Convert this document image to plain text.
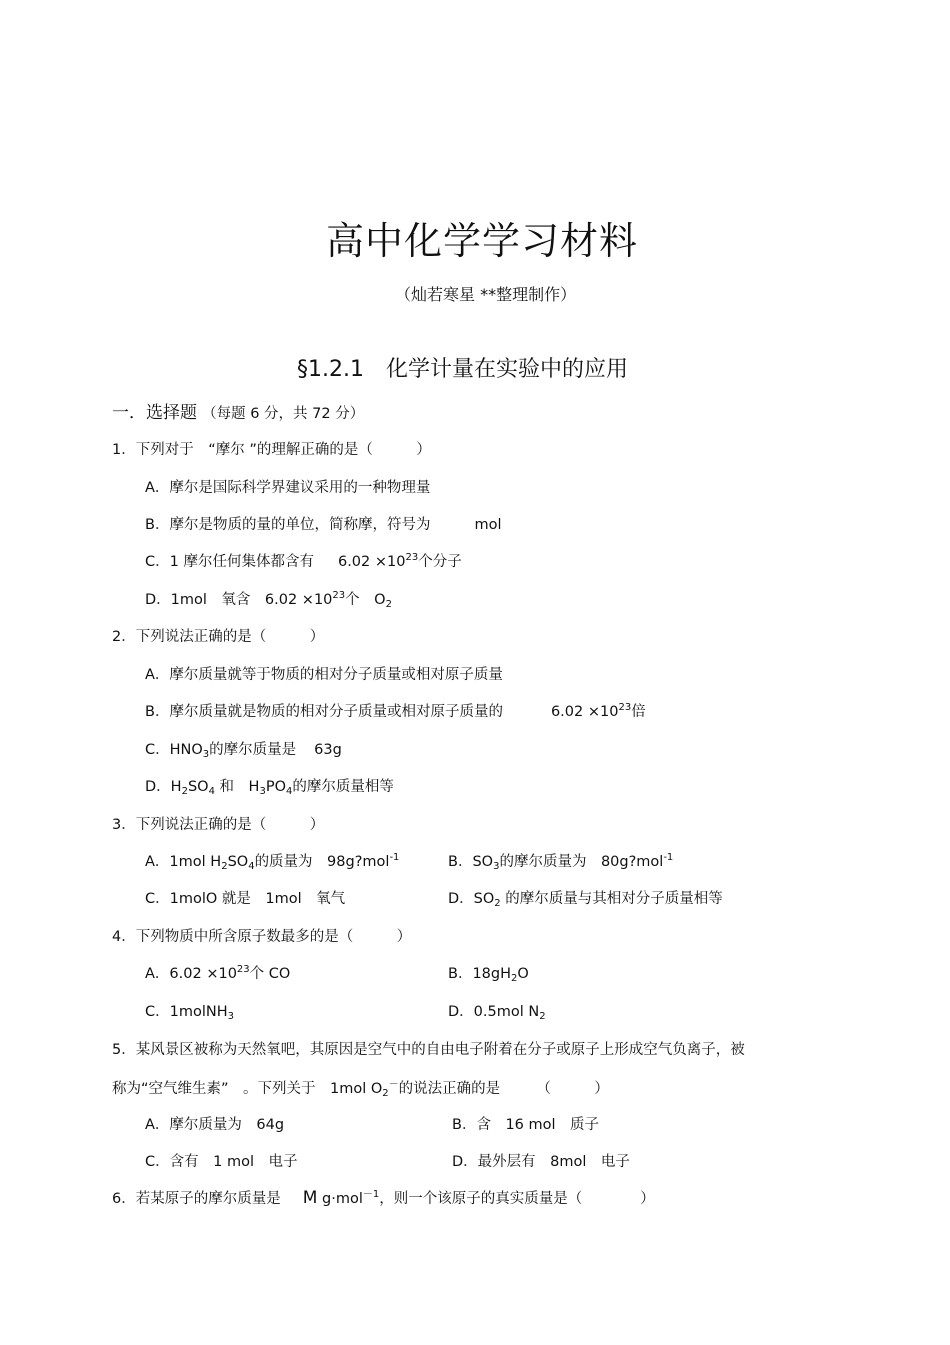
高中化学学习材料
（灿若寒星 **整理制作）
§1.2.1　化学计量在实验中的应用
一．选择题 （每题 6 分，共 72 分）
1．下列对于　“摩尔 ”的理解正确的是（　　　）
A．摩尔是国际科学界建议采用的一种物理量
B．摩尔是物质的量的单位，简称摩，符号为	mol
C．1 摩尔任何集体都含有 $6.02 \times 10^{23}$个分子
D．1mol　氧含　$6.02 \times 10^{23}$个　$O_2$
2．下列说法正确的是（　　　）
A．摩尔质量就等于物质的相对分子质量或相对原子质量
B．摩尔质量就是物质的相对分子质量或相对原子质量的	$6.02 \times 10^{23}$倍
C．$HNO_3$的摩尔质量是 63g
D．$H_2SO_4$ 和　$H_3PO_4$的摩尔质量相等
3．下列说法正确的是（　　　）
A．1mol $H_2SO_4$的质量为　98g?mol$^{-1}$	B．$SO_3$的摩尔质量为　80g?mol$^{-1}$
C．1molO 就是　1mol　氧气	D．$SO_2$ 的摩尔质量与其相对分子质量相等
4．下列物质中所含原子数最多的是（　　　）
A．$6.02 \times 10^{23}$个 CO	B．$18gH_2O$
C．1molNH$_3$	D．0.5mol $N_2$
5．某风景区被称为天然氧吧，其原因是空气中的自由电子附着在分子或原子上形成空气负离子，被
称为“空气维生素”　。下列关于　1mol $O_2^-$的说法正确的是　　　（　　　）
A．摩尔质量为　64g	B．含　16 mol　质子
C．含有　1 mol　电子	D．最外层有　8mol　电子
6．若某原子的摩尔质量是 M g·mol$^{-1}$，则一个该原子的真实质量是（　　　　）
